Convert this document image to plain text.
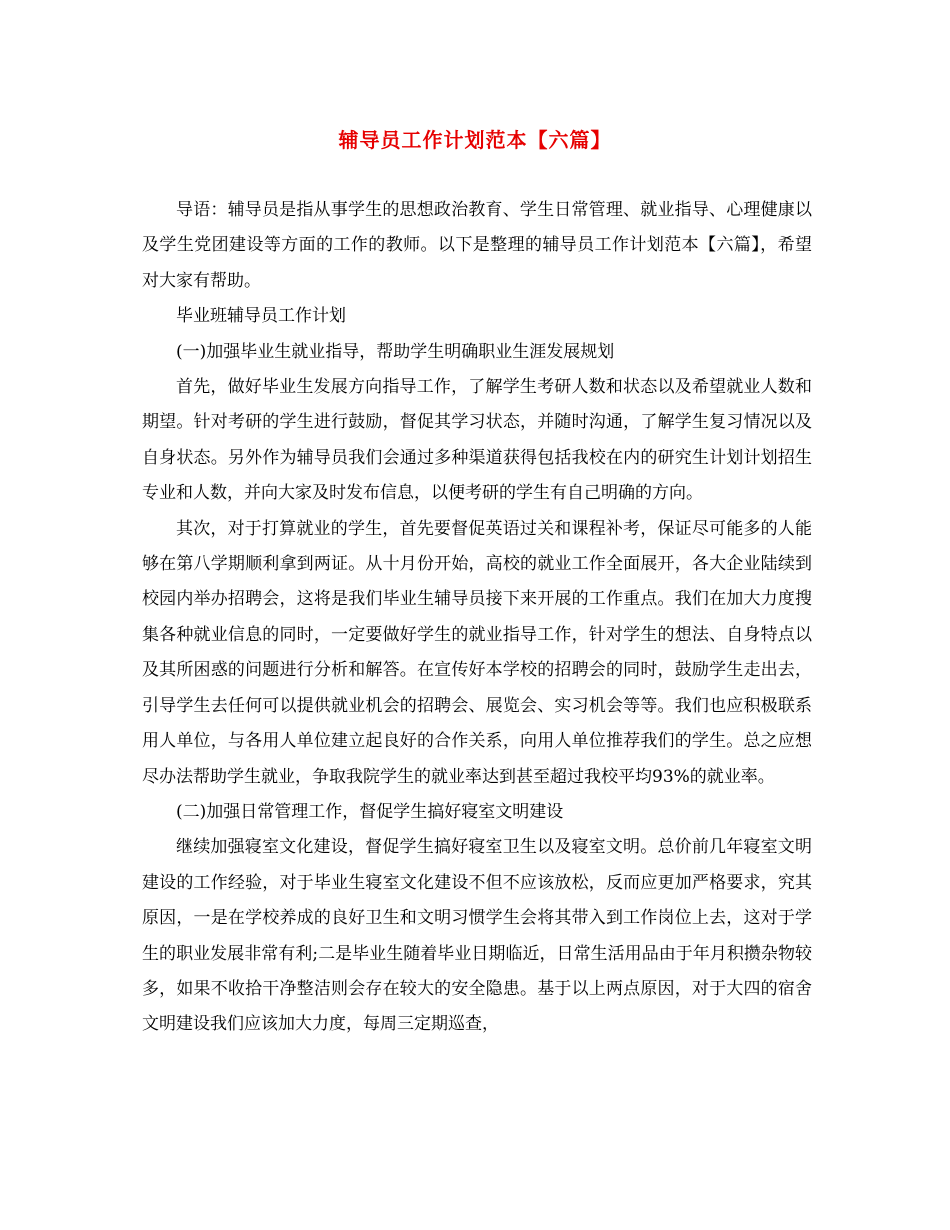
辅导员工作计划范本【六篇】

导语：辅导员是指从事学生的思想政治教育、学生日常管理、就业指导、心理健康以及学生党团建设等方面的工作的教师。以下是整理的辅导员工作计划范本【六篇】，希望对大家有帮助。

毕业班辅导员工作计划

(一)加强毕业生就业指导，帮助学生明确职业生涯发展规划

首先，做好毕业生发展方向指导工作，了解学生考研人数和状态以及希望就业人数和期望。针对考研的学生进行鼓励，督促其学习状态，并随时沟通，了解学生复习情况以及自身状态。另外作为辅导员我们会通过多种渠道获得包括我校在内的研究生计划计划招生专业和人数，并向大家及时发布信息，以便考研的学生有自己明确的方向。

其次，对于打算就业的学生，首先要督促英语过关和课程补考，保证尽可能多的人能够在第八学期顺利拿到两证。从十月份开始，高校的就业工作全面展开，各大企业陆续到校园内举办招聘会，这将是我们毕业生辅导员接下来开展的工作重点。我们在加大力度搜集各种就业信息的同时，一定要做好学生的就业指导工作，针对学生的想法、自身特点以及其所困惑的问题进行分析和解答。在宣传好本学校的招聘会的同时，鼓励学生走出去，引导学生去任何可以提供就业机会的招聘会、展览会、实习机会等等。我们也应积极联系用人单位，与各用人单位建立起良好的合作关系，向用人单位推荐我们的学生。总之应想尽办法帮助学生就业，争取我院学生的就业率达到甚至超过我校平均93%的就业率。

(二)加强日常管理工作，督促学生搞好寝室文明建设

继续加强寝室文化建设，督促学生搞好寝室卫生以及寝室文明。总价前几年寝室文明建设的工作经验，对于毕业生寝室文化建设不但不应该放松，反而应更加严格要求，究其原因，一是在学校养成的良好卫生和文明习惯学生会将其带入到工作岗位上去，这对于学生的职业发展非常有利;二是毕业生随着毕业日期临近，日常生活用品由于年月积攒杂物较多，如果不收拾干净整洁则会存在较大的安全隐患。基于以上两点原因，对于大四的宿舍文明建设我们应该加大力度，每周三定期巡查，
